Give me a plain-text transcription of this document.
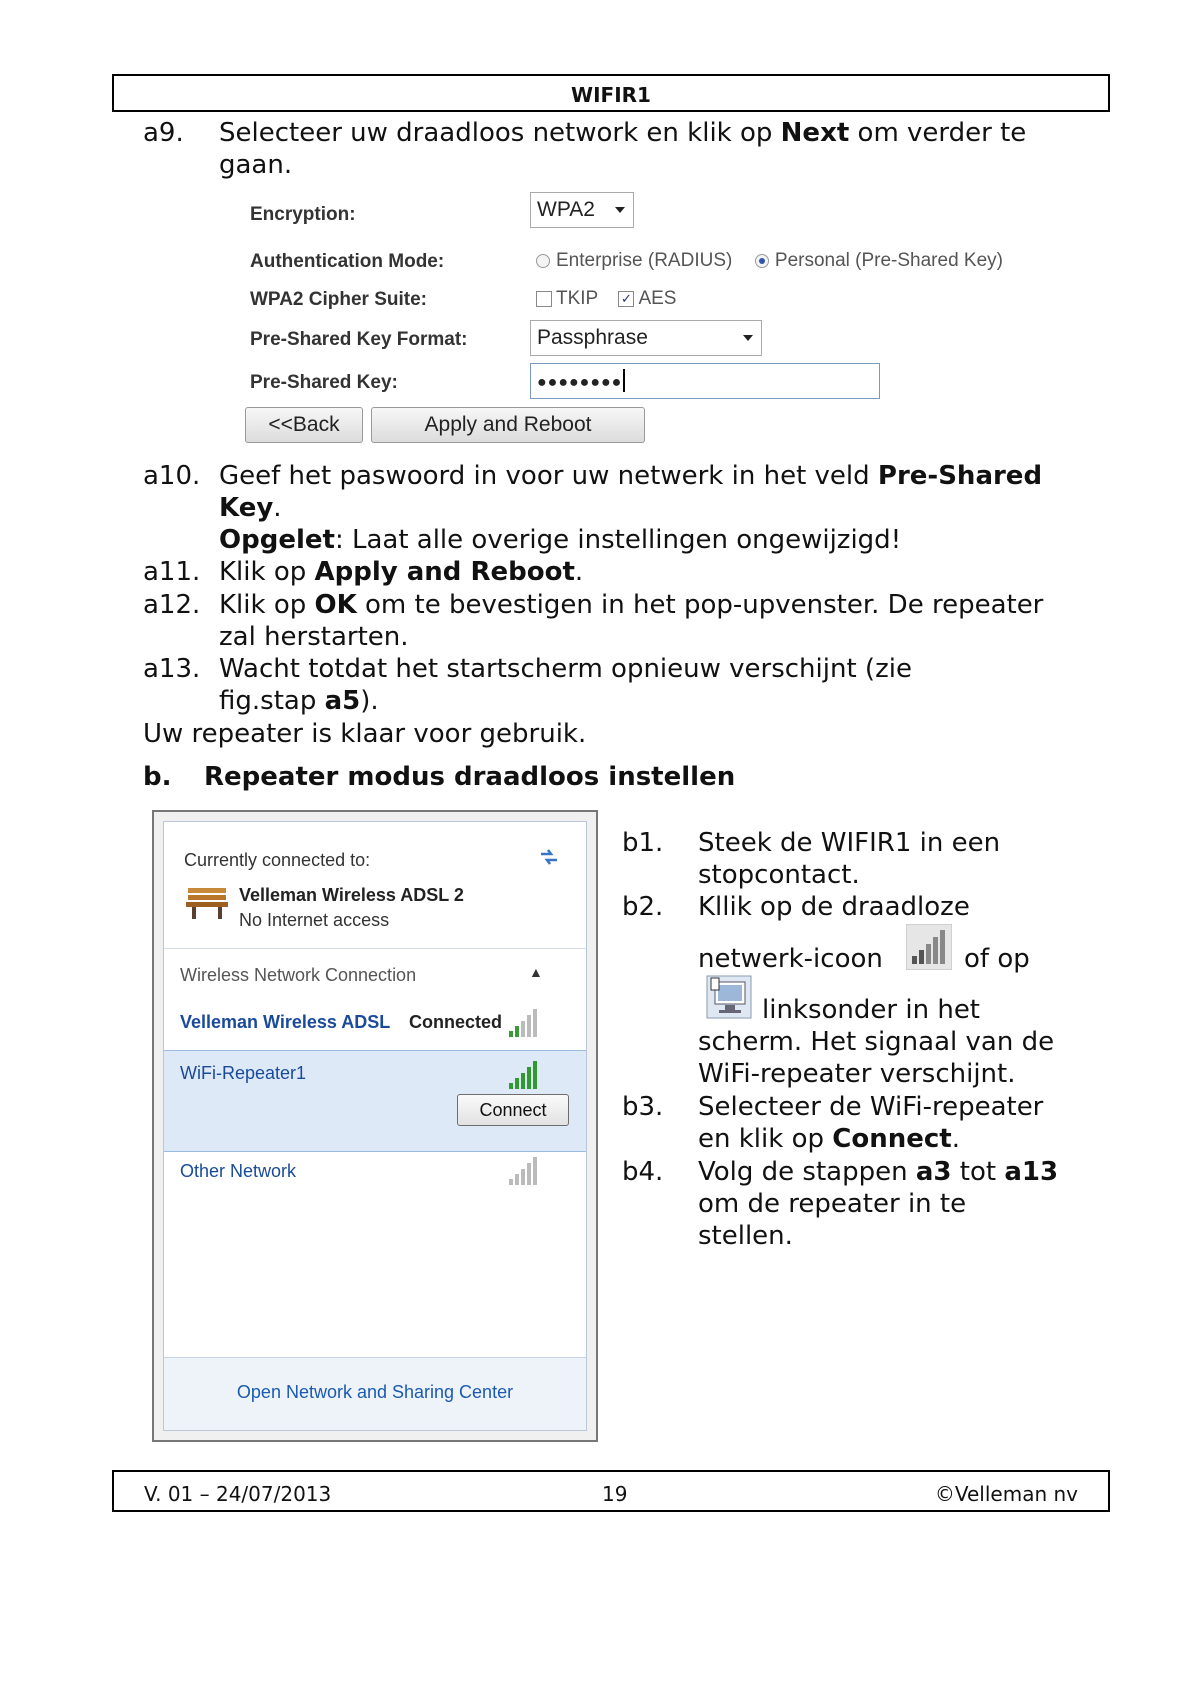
WIFIR1
a9. Selecteer uw draadloos network en klik op Next om verder te
gaan.
Encryption:	WPA2
Authentication Mode:	Enterprise (RADIUS) Personal (Pre-Shared Key)
WPA2 Cipher Suite:	TKIP ✓ AES
Pre-Shared Key Format:	Passphrase
Pre-Shared Key:	●●●●●●●●
<<Back	Apply and Reboot
a10. Geef het paswoord in voor uw netwerk in het veld Pre-Shared
Key.
Opgelet: Laat alle overige instellingen ongewijzigd!
a11. Klik op Apply and Reboot.
a12. Klik op OK om te bevestigen in het pop-upvenster. De repeater
zal herstarten.
a13. Wacht totdat het startscherm opnieuw verschijnt (zie
fig.stap a5).
Uw repeater is klaar voor gebruik.
b. Repeater modus draadloos instellen
Currently connected to:
Velleman Wireless ADSL 2
No Internet access
Wireless Network Connection	▲
Velleman Wireless ADSL Connected
WiFi-Repeater1
Connect
Other Network
Open Network and Sharing Center
b1. Steek de WIFIR1 in een
stopcontact.
b2. Kllik op de draadloze
netwerk-icoon	of op
linksonder in het
scherm. Het signaal van de
WiFi-repeater verschijnt.
b3. Selecteer de WiFi-repeater
en klik op Connect.
b4. Volg de stappen a3 tot a13
om de repeater in te
stellen.
V. 01 – 24/07/2013	19	©Velleman nv
